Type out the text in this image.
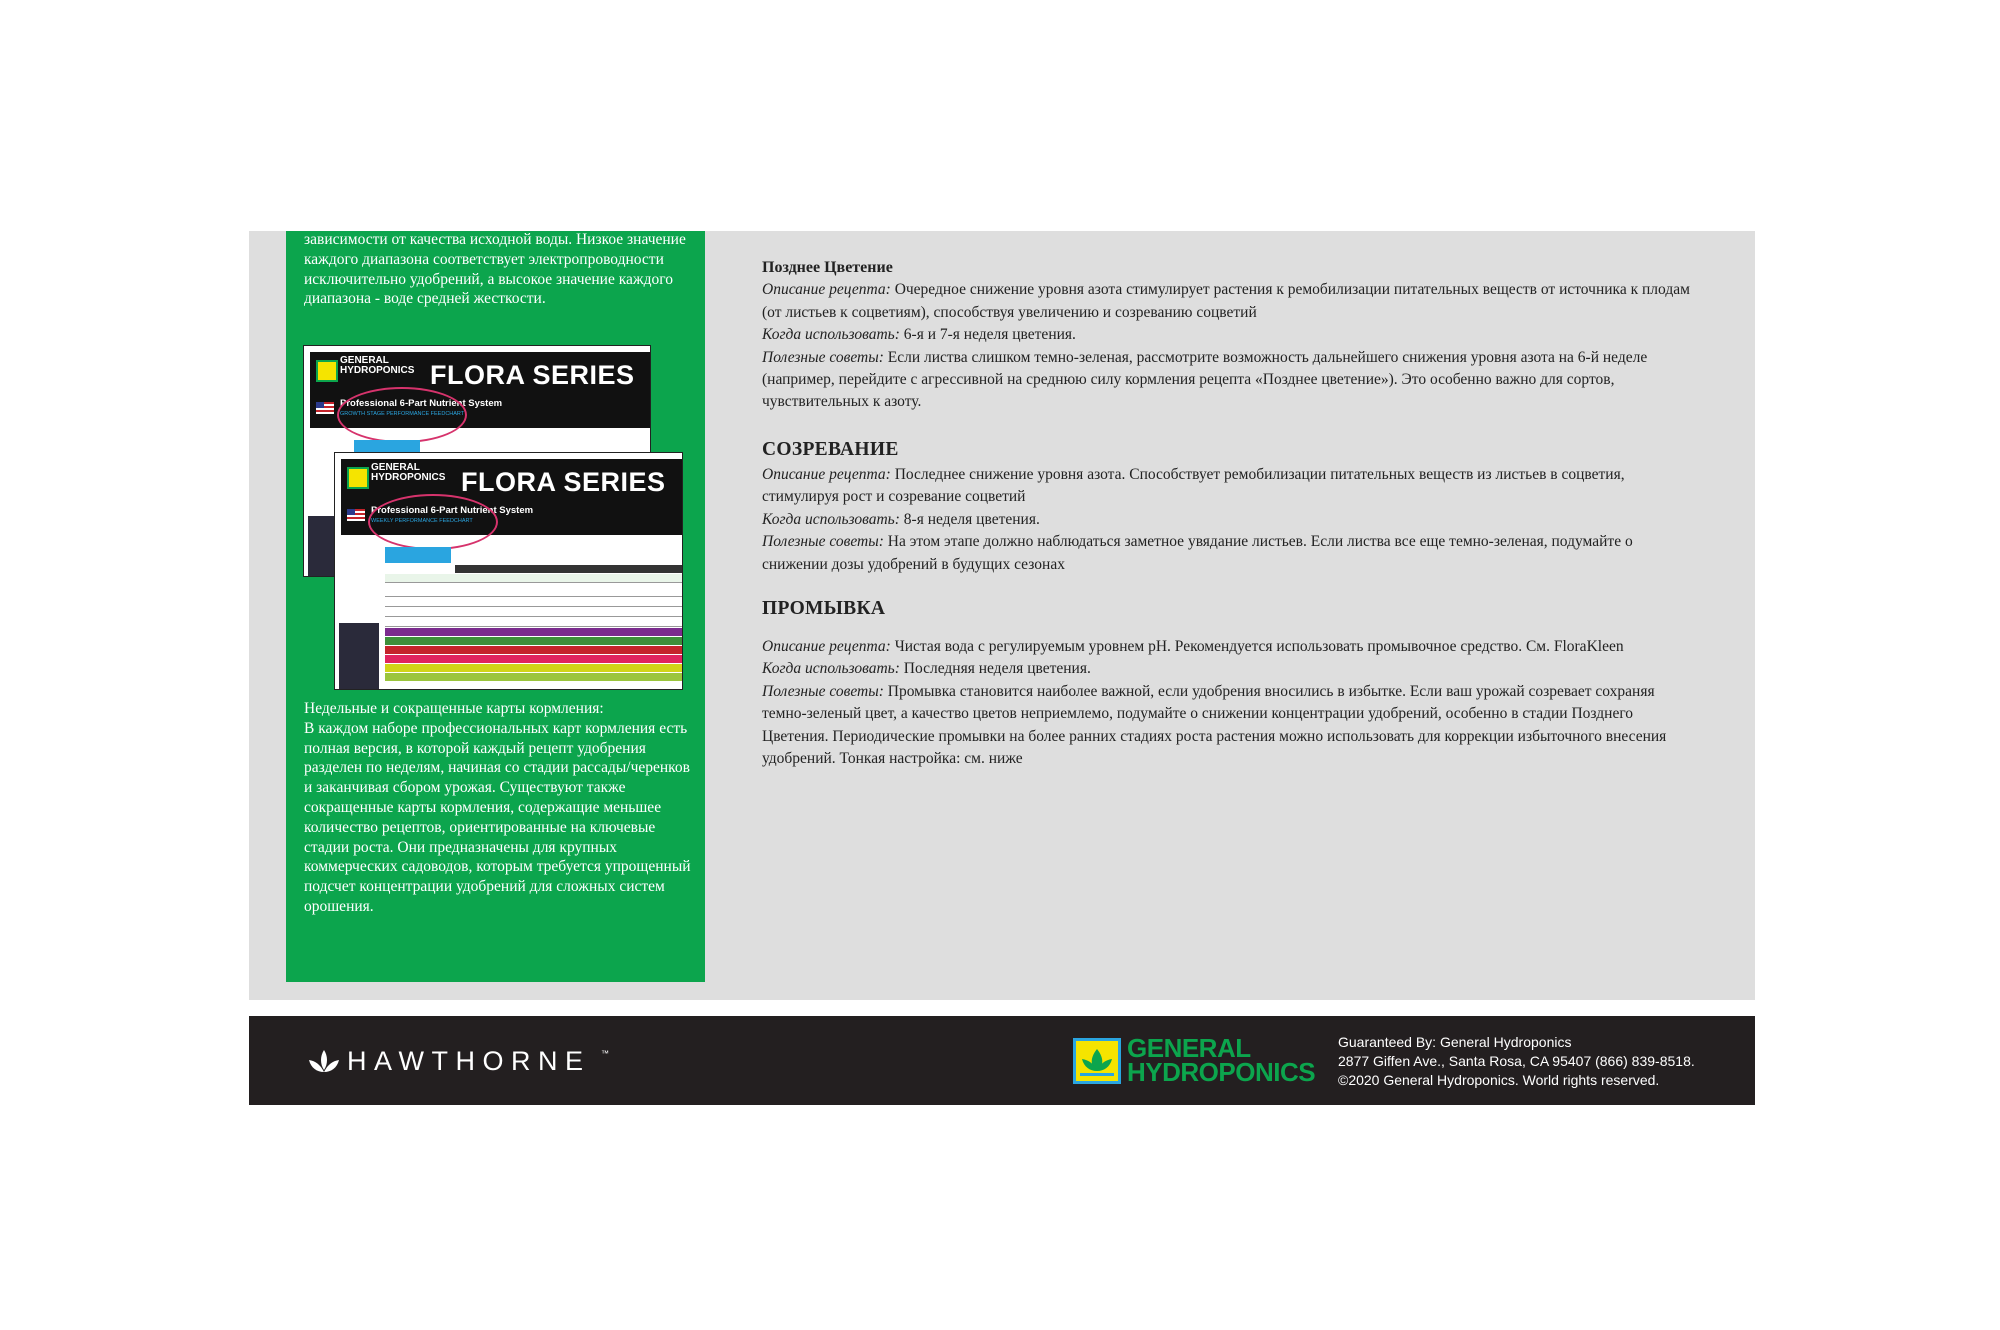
зависимости от качества исходной воды. Низкое значение каждого диапазона соответствует электропроводности исключительно удобрений, а высокое значение каждого диапазона - воде средней жесткости.

GENERAL HYDROPONICS FLORA SERIES
Professional 6-Part Nutrient System
GROWTH STAGE PERFORMANCE FEEDCHART
GENERAL HYDROPONICS FLORA SERIES
Professional 6-Part Nutrient System
WEEKLY PERFORMANCE FEEDCHART

Недельные и сокращенные карты кормления:

В каждом наборе профессиональных карт кормления есть полная версия, в которой каждый рецепт удобрения разделен по неделям, начиная со стадии рассады/черенков и заканчивая сбором урожая. Существуют также сокращенные карты кормления, содержащие меньшее количество рецептов, ориентированные на ключевые стадии роста. Они предназначены для крупных коммерческих садоводов, которым требуется упрощенный подсчет концентрации удобрений для сложных систем орошения.

Позднее Цветение

Описание рецепта: Очередное снижение уровня азота стимулирует растения к ремобилизации питательных веществ от источника к плодам (от листьев к соцветиям), способствуя увеличению и созреванию соцветий

Когда использовать: 6-я и 7-я неделя цветения.

Полезные советы: Если листва слишком темно-зеленая, рассмотрите возможность дальнейшего снижения уровня азота на 6-й неделе (например, перейдите с агрессивной на среднюю силу кормления рецепта «Позднее цветение»). Это особенно важно для сортов, чувствительных к азоту.

СОЗРЕВАНИЕ

Описание рецепта: Последнее снижение уровня азота. Способствует ремобилизации питательных веществ из листьев в соцветия, стимулируя рост и созревание соцветий

Когда использовать: 8-я неделя цветения.

Полезные советы: На этом этапе должно наблюдаться заметное увядание листьев. Если листва все еще темно-зеленая, подумайте о снижении дозы удобрений в будущих сезонах

ПРОМЫВКА

Описание рецепта: Чистая вода с регулируемым уровнем pH. Рекомендуется использовать промывочное средство. См. FloraKleen

Когда использовать: Последняя неделя цветения.

Полезные советы: Промывка становится наиболее важной, если удобрения вносились в избытке. Если ваш урожай созревает сохраняя темно-зеленый цвет, а качество цветов неприемлемо, подумайте о снижении концентрации удобрений, особенно в стадии Позднего Цветения. Периодические промывки на более ранних стадиях роста растения можно использовать для коррекции избыточного внесения удобрений. Тонкая настройка: см. ниже

HAWTHORNE ™	GENERAL
HYDROPONICS
Guaranteed By: General Hydroponics
2877 Giffen Ave., Santa Rosa, CA 95407 (866) 839-8518.
©2020 General Hydroponics. World rights reserved.
